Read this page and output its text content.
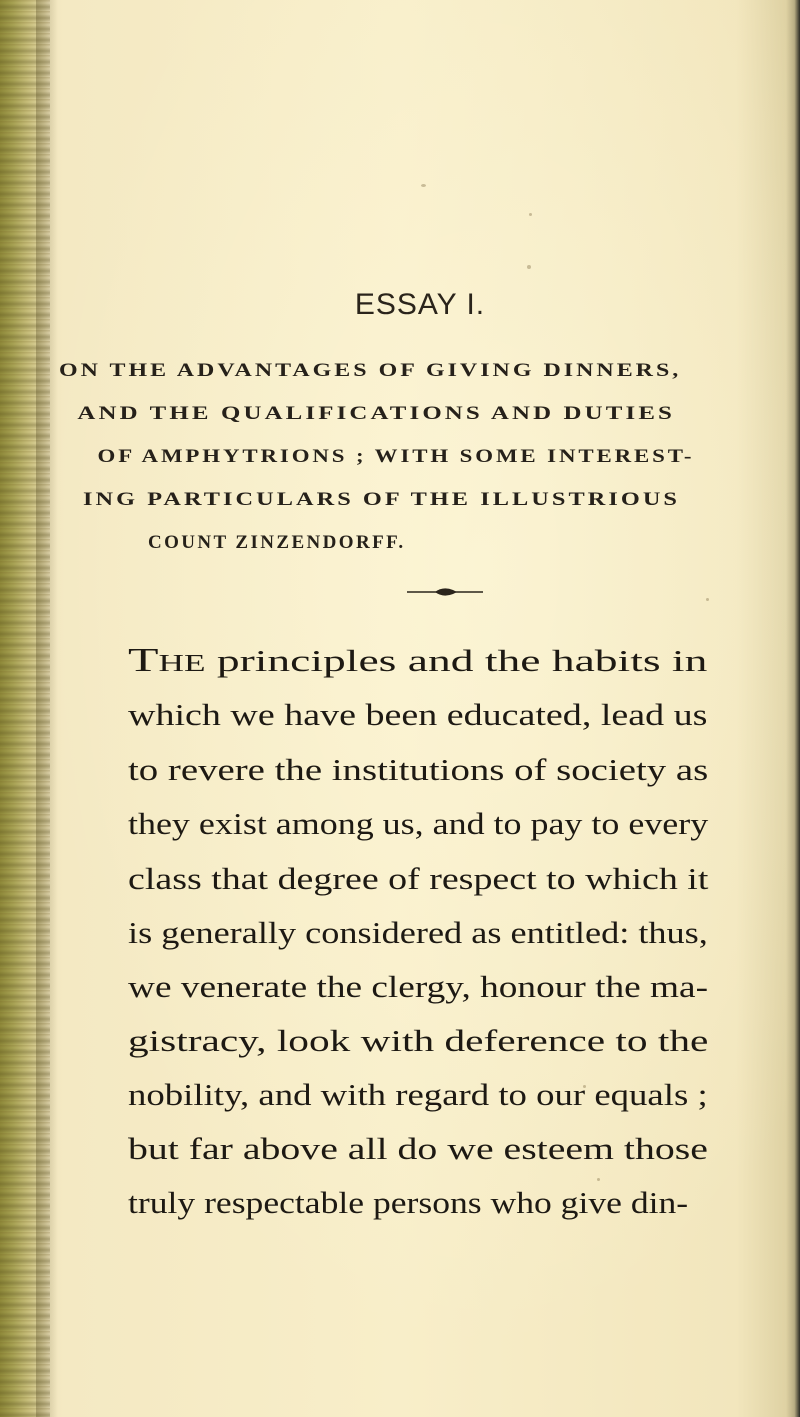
ESSAY I.
ON THE ADVANTAGES OF GIVING DINNERS,
AND THE QUALIFICATIONS AND DUTIES
OF AMPHYTRIONS ; WITH SOME INTEREST-
ING PARTICULARS OF THE ILLUSTRIOUS
COUNT ZINZENDORFF.
The principles and the habits in
which we have been educated, lead us
to revere the institutions of society as
they exist among us, and to pay to every
class that degree of respect to which it
is generally considered as entitled: thus,
we venerate the clergy, honour the ma-
gistracy, look with deference to the
nobility, and with regard to our equals ;
but far above all do we esteem those
truly respectable persons who give din-
